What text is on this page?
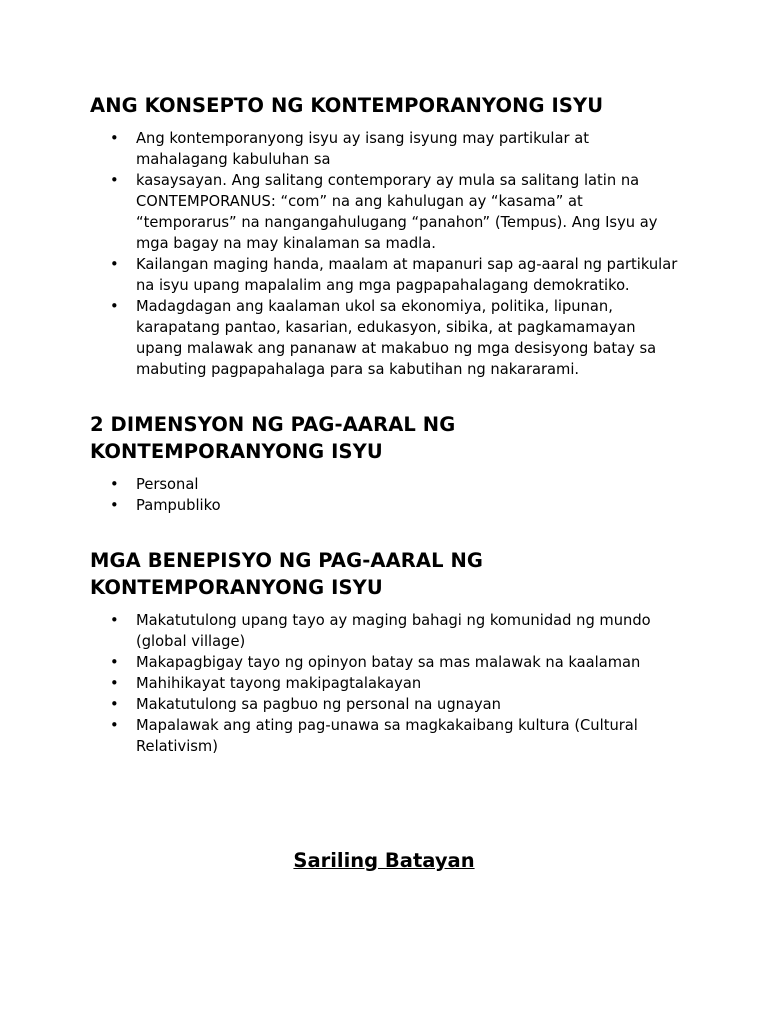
ANG KONSEPTO NG KONTEMPORANYONG ISYU
• Ang kontemporanyong isyu ay isang isyung may partikular at mahalagang kabuluhan sa
• kasaysayan. Ang salitang contemporary ay mula sa salitang latin na CONTEMPORANUS: “com” na ang kahulugan ay “kasama” at “temporarus” na nangangahulugang “panahon” (Tempus). Ang Isyu ay mga bagay na may kinalaman sa madla.
• Kailangan maging handa, maalam at mapanuri sap ag-aaral ng partikular na isyu upang mapalalim ang mga pagpapahalagang demokratiko.
• Madagdagan ang kaalaman ukol sa ekonomiya, politika, lipunan, karapatang pantao, kasarian, edukasyon, sibika, at pagkamamayan upang malawak ang pananaw at makabuo ng mga desisyong batay sa mabuting pagpapahalaga para sa kabutihan ng nakararami.
2 DIMENSYON NG PAG-AARAL NG
KONTEMPORANYONG ISYU
• Personal
• Pampubliko
MGA BENEPISYO NG PAG-AARAL NG
KONTEMPORANYONG ISYU
• Makatutulong upang tayo ay maging bahagi ng komunidad ng mundo (global village)
• Makapagbigay tayo ng opinyon batay sa mas malawak na kaalaman
• Mahihikayat tayong makipagtalakayan
• Makatutulong sa pagbuo ng personal na ugnayan
• Mapalawak ang ating pag-unawa sa magkakaibang kultura (Cultural Relativism)
Sariling Batayan
